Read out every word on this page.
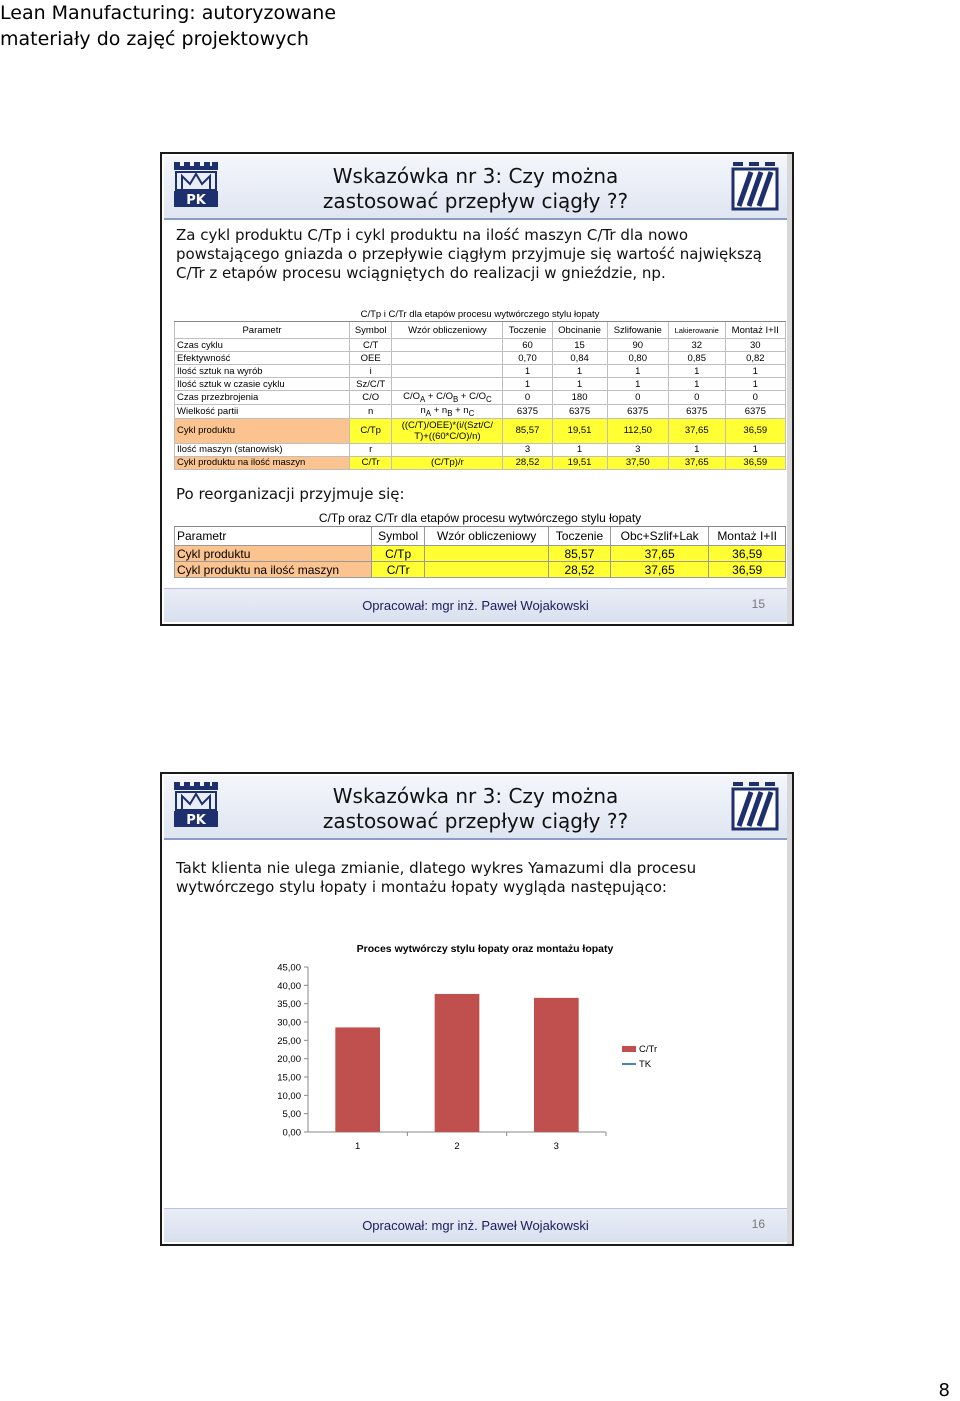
Lean Manufacturing: autoryzowane
materiały do zajęć projektowych
PK
Wskazówka nr 3: Czy można
zastosować przepływ ciągły ??
Za cykl produktu C/Tp i cykl produktu na ilość maszyn C/Tr dla nowo powstającego gniazda o przepływie ciągłym przyjmuje się wartość największą C/Tr z etapów procesu wciągniętych do realizacji w gnieździe, np.
C/Tp i C/Tr dla etapów procesu wytwórczego stylu łopaty							
Parametr	Symbol	Wzór obliczeniowy	Toczenie	Obcinanie	Szlifowanie	Lakierowanie	Montaż I+II
Czas cyklu	C/T		60	15	90	32	30
Efektywność	OEE		0,70	0,84	0,80	0,85	0,82
Ilość sztuk na wyrób	i		1	1	1	1	1
Ilość sztuk w czasie cyklu	Sz/C/T		1	1	1	1	1
Czas przezbrojenia	C/O	$C/O_A + C/O_B + C/O_C$	0	180	0	0	0
Wielkość partii	n	$n_A + n_B + n_C$	6375	6375	6375	6375	6375
Cykl produktu	C/Tp	((C/T)/OEE)*(i/(Szt/C/
T)+((60*C/O)/n)	85,57	19,51	112,50	37,65	36,59
Ilość maszyn (stanowisk)	r		3	1	3	1	1
Cykl produktu na ilość maszyn	C/Tr	(C/Tp)/r	28,52	19,51	37,50	37,65	36,59
Po reorganizacji przyjmuje się:
C/Tp oraz C/Tr dla etapów procesu wytwórczego stylu łopaty					
Parametr	Symbol	Wzór obliczeniowy	Toczenie	Obc+Szlif+Lak	Montaż I+II
Cykl produktu	C/Tp		85,57	37,65	36,59
Cykl produktu na ilość maszyn	C/Tr		28,52	37,65	36,59
Opracował: mgr inż. Paweł Wojakowski	15
PK
Wskazówka nr 3: Czy można
zastosować przepływ ciągły ??
Takt klienta nie ulega zmianie, dlatego wykres Yamazumi dla procesu wytwórczego stylu łopaty i montażu łopaty wygląda następująco:
Proces wytwórczy stylu łopaty oraz montażu łopaty
0,00
5,00
10,00
15,00
20,00
25,00
30,00
35,00
40,00
45,00
1	2	3
C/Tr
TK
Opracował: mgr inż. Paweł Wojakowski	16
8
